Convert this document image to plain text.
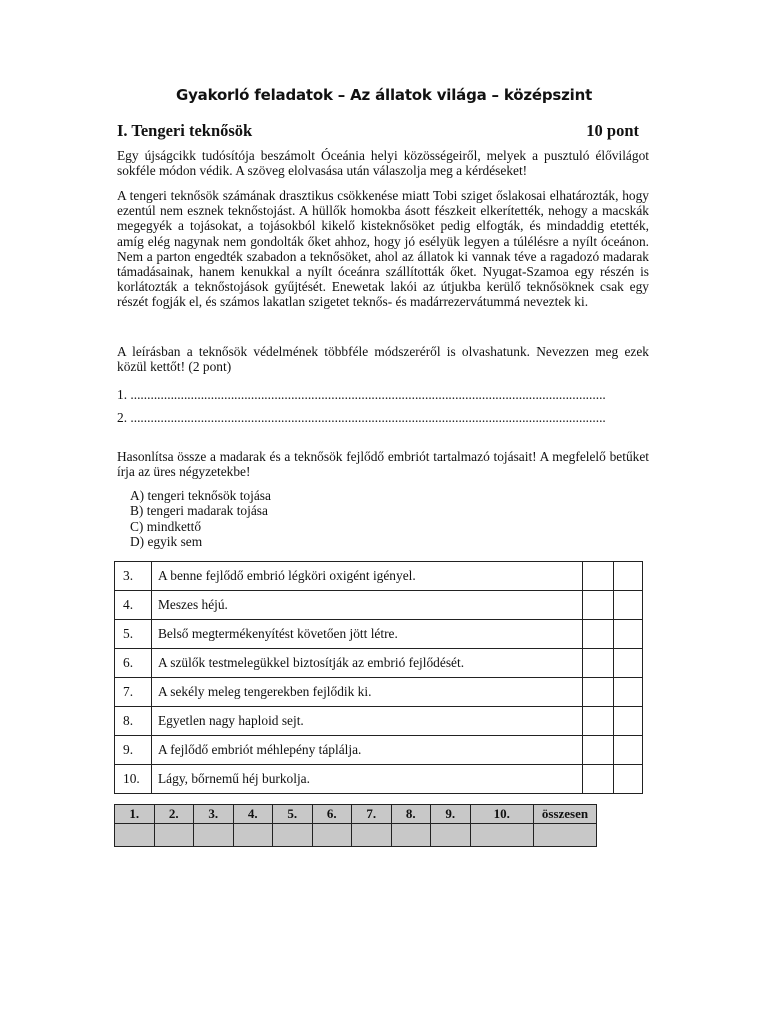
Gyakorló feladatok – Az állatok világa – középszint
I. Tengeri teknősök	10 pont
Egy újságcikk tudósítója beszámolt Óceánia helyi közösségeiről, melyek a pusztuló élővilágot sokféle módon védik. A szöveg elolvasása után válaszolja meg a kérdéseket!
A tengeri teknősök számának drasztikus csökkenése miatt Tobi sziget őslakosai elhatározták, hogy ezentúl nem esznek teknőstojást. A hüllők homokba ásott fészkeit elkerítették, nehogy a macskák megegyék a tojásokat, a tojásokból kikelő kisteknősöket pedig elfogták, és mindaddig etették, amíg elég nagynak nem gondolták őket ahhoz, hogy jó esélyük legyen a túlélésre a nyílt óceánon. Nem a parton engedték szabadon a teknősöket, ahol az állatok ki vannak téve a ragadozó madarak támadásainak, hanem kenukkal a nyílt óceánra szállították őket. Nyugat-Szamoa egy részén is korlátozták a teknőstojások gyűjtését. Enewetak lakói az útjukba kerülő teknősöknek csak egy részét fogják el, és számos lakatlan szigetet teknős- és madárrezervátummá neveztek ki.
A leírásban a teknősök védelmének többféle módszeréről is olvashatunk. Nevezzen meg ezek közül kettőt! (2 pont)
1. ..............................................................................................................................................
2. ..............................................................................................................................................
Hasonlítsa össze a madarak és a teknősök fejlődő embriót tartalmazó tojásait! A megfelelő betűket írja az üres négyzetekbe!
A) tengeri teknősök tojása
B) tengeri madarak tojása
C) mindkettő
D) egyik sem
3.	A benne fejlődő embrió légköri oxigént igényel.		
4.	Meszes héjú.		
5.	Belső megtermékenyítést követően jött létre.		
6.	A szülők testmelegükkel biztosítják az embrió fejlődését.		
7.	A sekély meleg tengerekben fejlődik ki.		
8.	Egyetlen nagy haploid sejt.		
9.	A fejlődő embriót méhlepény táplálja.		
10.	Lágy, bőrnemű héj burkolja.		
1.	2.	3.	4.	5.	6.	7.	8.	9.	10.	összesen
